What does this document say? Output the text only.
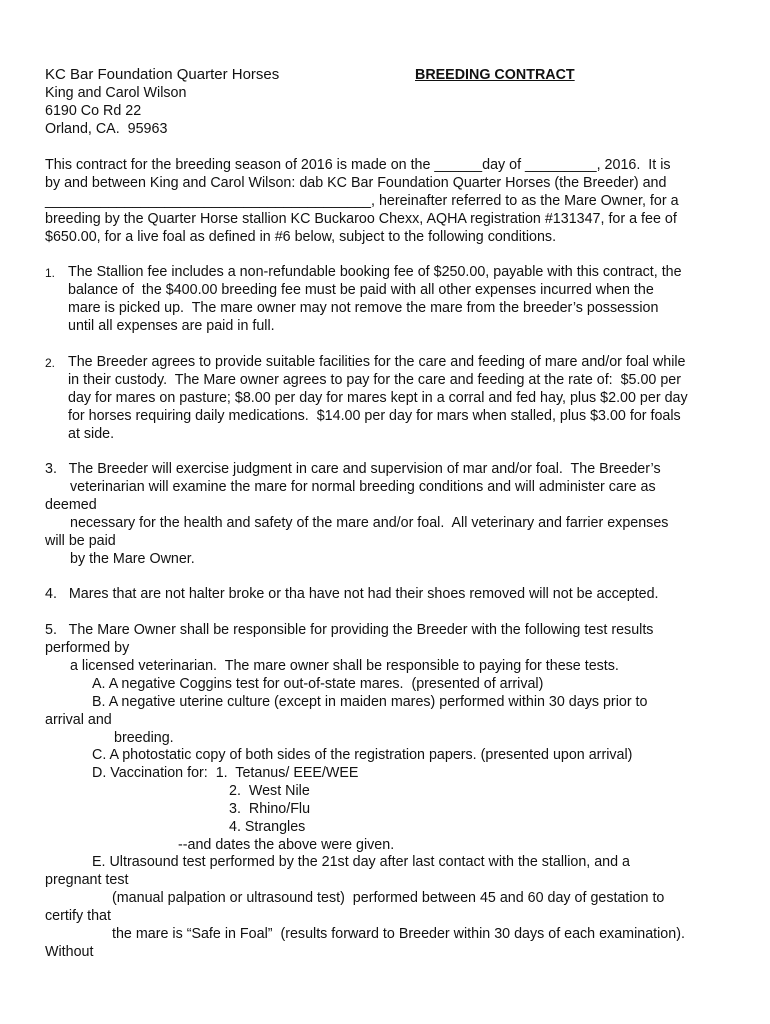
KC Bar Foundation Quarter Horses	BREEDING CONTRACT
King and Carol Wilson
6190 Co Rd 22
Orland, CA.  95963
This contract for the breeding season of 2016 is made on the ______day of _________, 2016.  It is
by and between King and Carol Wilson: dab KC Bar Foundation Quarter Horses (the Breeder) and
_________________________________________, hereinafter referred to as the Mare Owner, for a
breeding by the Quarter Horse stallion KC Buckaroo Chexx, AQHA registration #131347, for a fee of
$650.00, for a live foal as defined in #6 below, subject to the following conditions.
1. The Stallion fee includes a non-refundable booking fee of $250.00, payable with this contract, the
balance of  the $400.00 breeding fee must be paid with all other expenses incurred when the
mare is picked up.  The mare owner may not remove the mare from the breeder’s possession
until all expenses are paid in full.
2. The Breeder agrees to provide suitable facilities for the care and feeding of mare and/or foal while
in their custody.  The Mare owner agrees to pay for the care and feeding at the rate of:  $5.00 per
day for mares on pasture; $8.00 per day for mares kept in a corral and fed hay, plus $2.00 per day
for horses requiring daily medications.  $14.00 per day for mars when stalled, plus $3.00 for foals
at side.
3.   The Breeder will exercise judgment in care and supervision of mar and/or foal.  The Breeder’s
veterinarian will examine the mare for normal breeding conditions and will administer care as
deemed
necessary for the health and safety of the mare and/or foal.  All veterinary and farrier expenses
will be paid
by the Mare Owner.
4.   Mares that are not halter broke or tha have not had their shoes removed will not be accepted.
5.   The Mare Owner shall be responsible for providing the Breeder with the following test results
performed by
a licensed veterinarian.  The mare owner shall be responsible to paying for these tests.
A. A negative Coggins test for out-of-state mares.  (presented of arrival)
B. A negative uterine culture (except in maiden mares) performed within 30 days prior to
arrival and
breeding.
C. A photostatic copy of both sides of the registration papers. (presented upon arrival)
D. Vaccination for:  1.  Tetanus/ EEE/WEE
2.  West Nile
3.  Rhino/Flu
4. Strangles
--and dates the above were given.
E. Ultrasound test performed by the 21st day after last contact with the stallion, and a
pregnant test
(manual palpation or ultrasound test)  performed between 45 and 60 day of gestation to
certify that
the mare is “Safe in Foal”  (results forward to Breeder within 30 days of each examination).
Without
